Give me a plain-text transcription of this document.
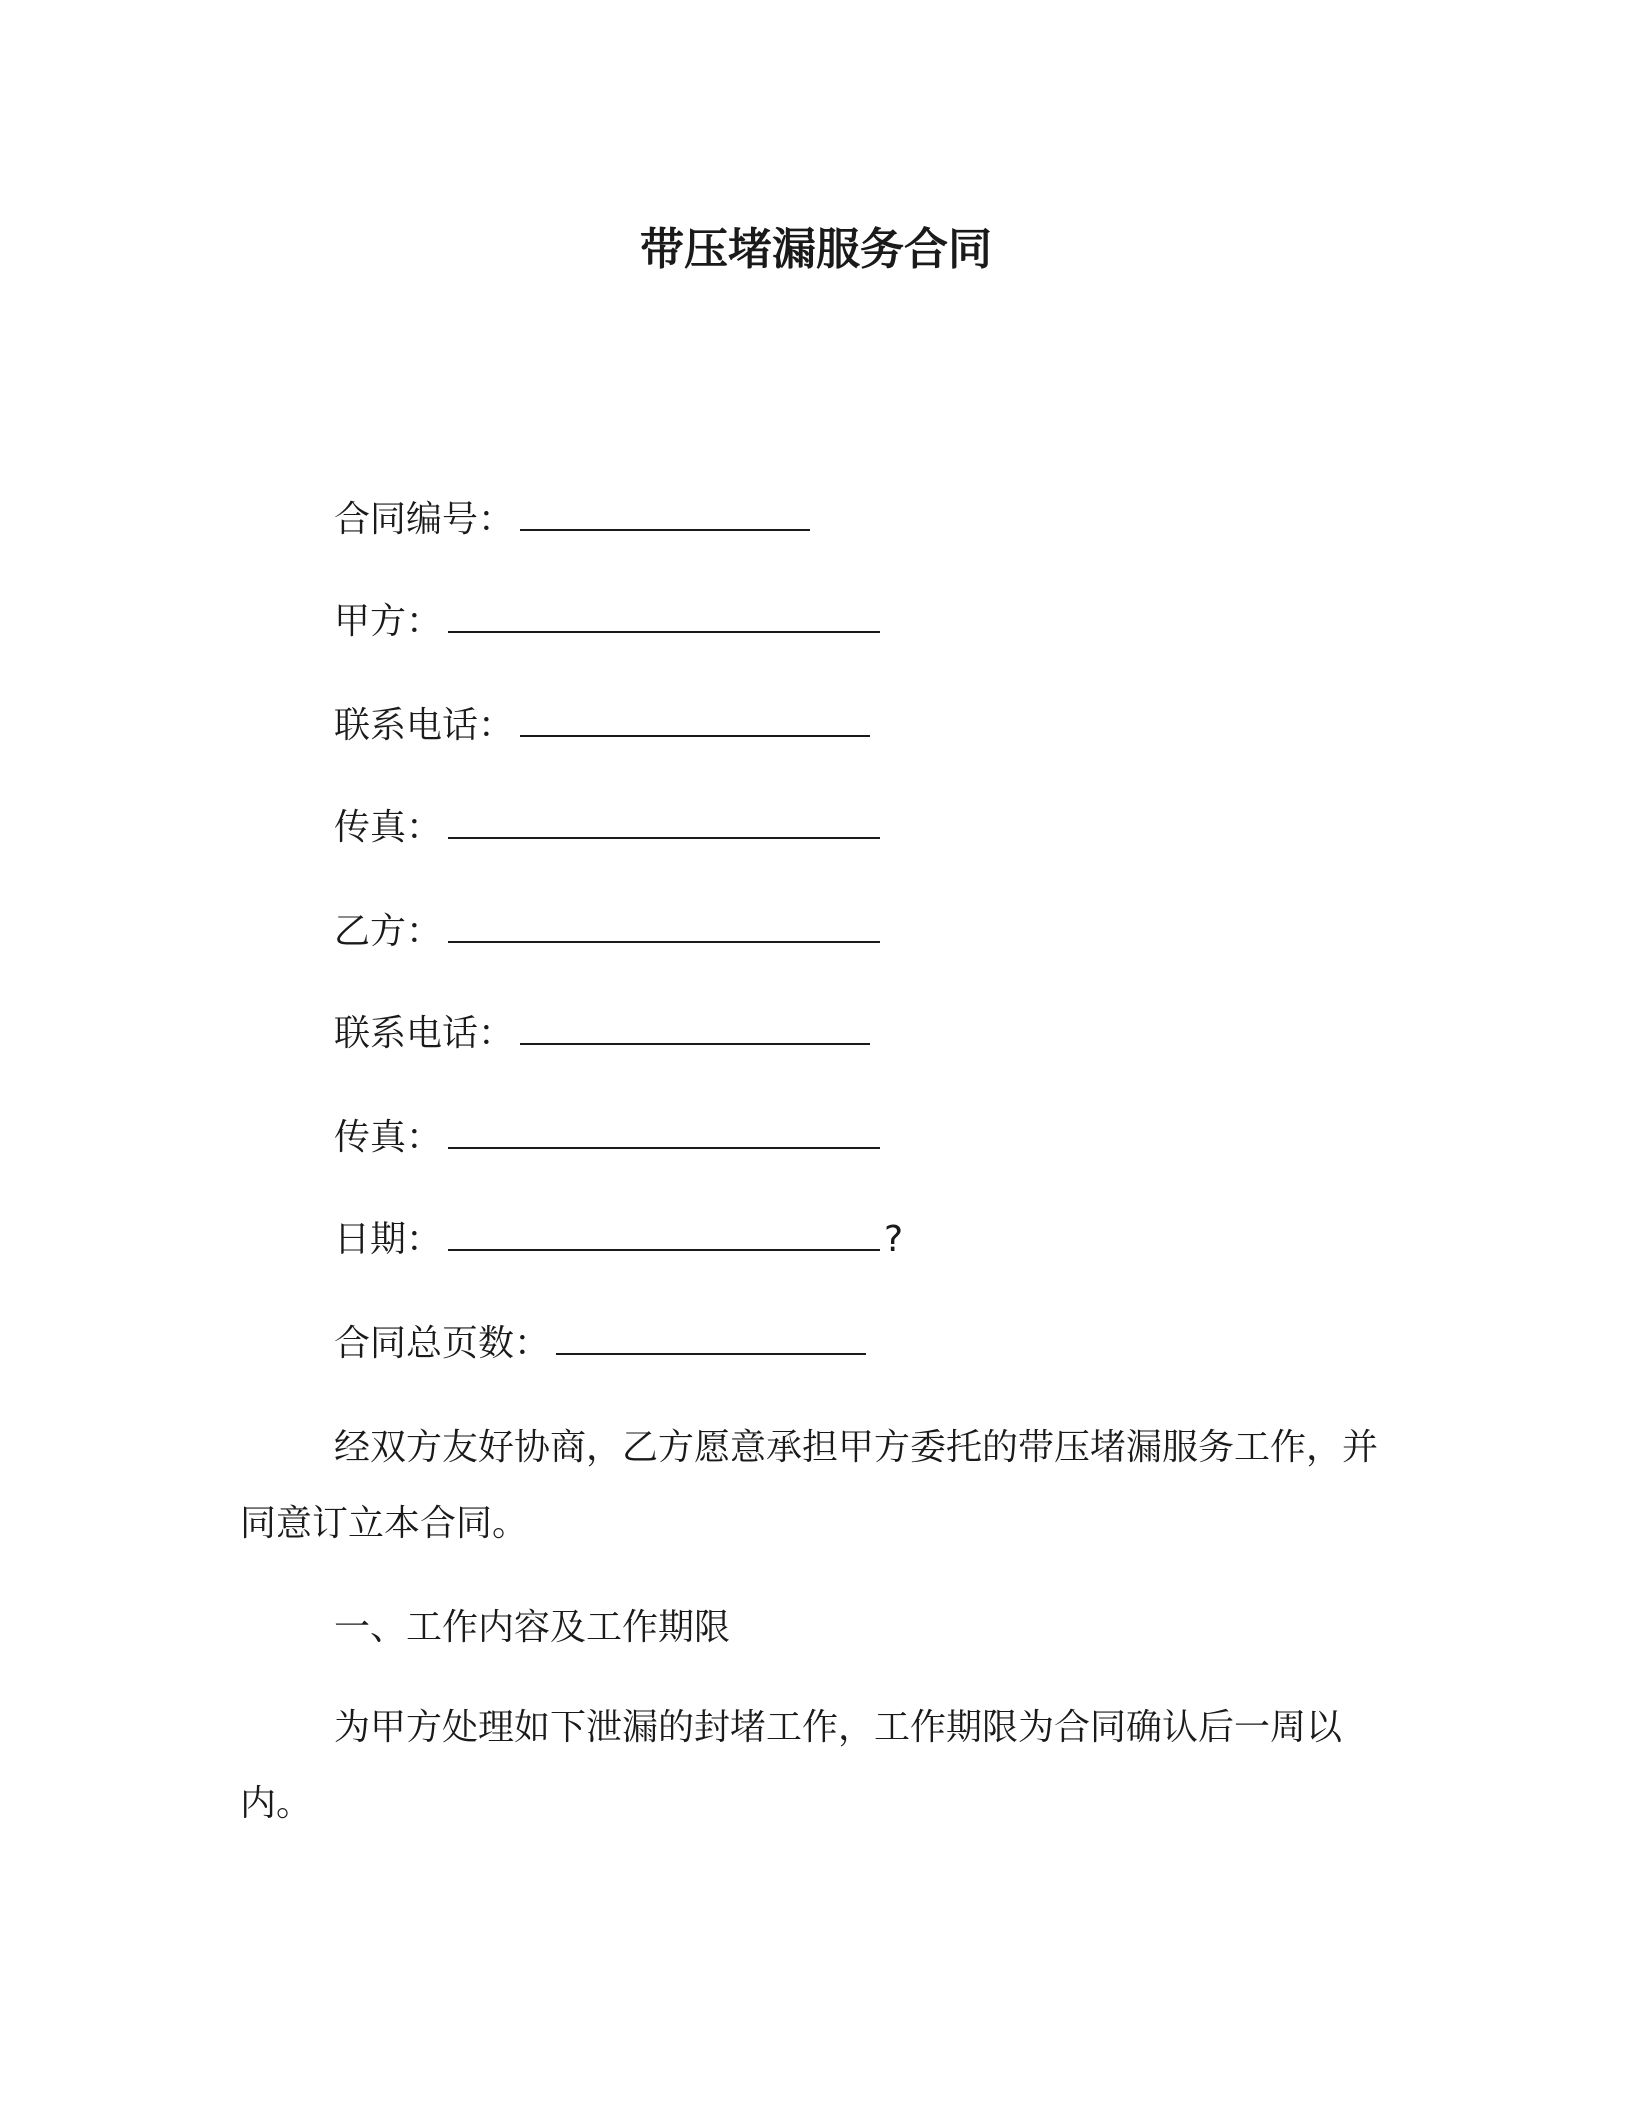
带压堵漏服务合同
合同编号：
甲方：
联系电话：
传真：
乙方：
联系电话：
传真：
日期：	?
合同总页数：
经双方友好协商，乙方愿意承担甲方委托的带压堵漏服务工作，并同意订立本合同。
一、工作内容及工作期限
为甲方处理如下泄漏的封堵工作，工作期限为合同确认后一周以内。
